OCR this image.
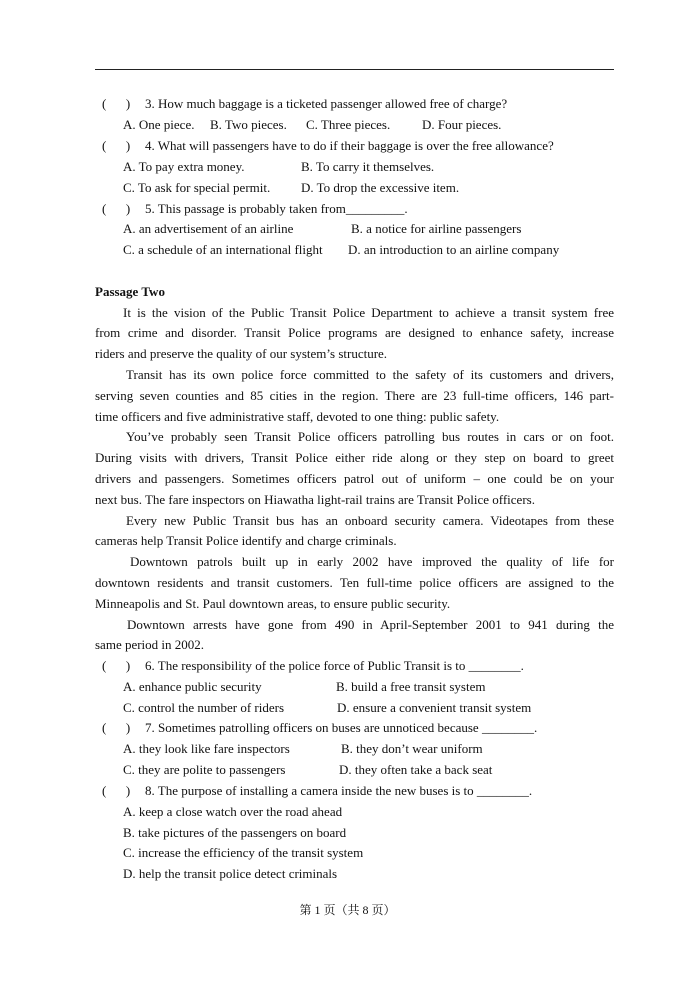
(      ) 3. How much baggage is a ticketed passenger allowed free of charge?
A. One piece. B. Two pieces. C. Three pieces. D. Four pieces.
(      ) 4. What will passengers have to do if their baggage is over the free allowance?
A. To pay extra money.	B. To carry it themselves.
C. To ask for special permit. D. To drop the excessive item.
(      ) 5. This passage is probably taken from_________.
A. an advertisement of an airline	B. a notice for airline passengers
C. a schedule of an international flight D. an introduction to an airline company
Passage Two
It is the vision of the Public Transit Police Department to achieve a transit system free
from crime and disorder. Transit Police programs are designed to enhance safety, increase
riders and preserve the quality of our system’s structure.
Transit has its own police force committed to the safety of its customers and drivers,
serving seven counties and 85 cities in the region. There are 23 full-time officers, 146 part-
time officers and five administrative staff, devoted to one thing: public safety.
You’ve probably seen Transit Police officers patrolling bus routes in cars or on foot.
During visits with drivers, Transit Police either ride along or they step on board to greet
drivers and passengers. Sometimes officers patrol out of uniform – one could be on your
next bus. The fare inspectors on Hiawatha light-rail trains are Transit Police officers.
Every new Public Transit bus has an onboard security camera. Videotapes from these
cameras help Transit Police identify and charge criminals.
Downtown patrols built up in early 2002 have improved the quality of life for
downtown residents and transit customers. Ten full-time police officers are assigned to the
Minneapolis and St. Paul downtown areas, to ensure public security.
Downtown arrests have gone from 490 in April-September 2001 to 941 during the
same period in 2002.
(      ) 6. The responsibility of the police force of Public Transit is to ________.
A. enhance public security	B. build a free transit system
C. control the number of riders	D. ensure a convenient transit system
(      ) 7. Sometimes patrolling officers on buses are unnoticed because ________.
A. they look like fare inspectors	B. they don’t wear uniform
C. they are polite to passengers	D. they often take a back seat
(      ) 8. The purpose of installing a camera inside the new buses is to ________.
A. keep a close watch over the road ahead
B. take pictures of the passengers on board
C. increase the efficiency of the transit system
D. help the transit police detect criminals
第 1 页（共 8 页）
